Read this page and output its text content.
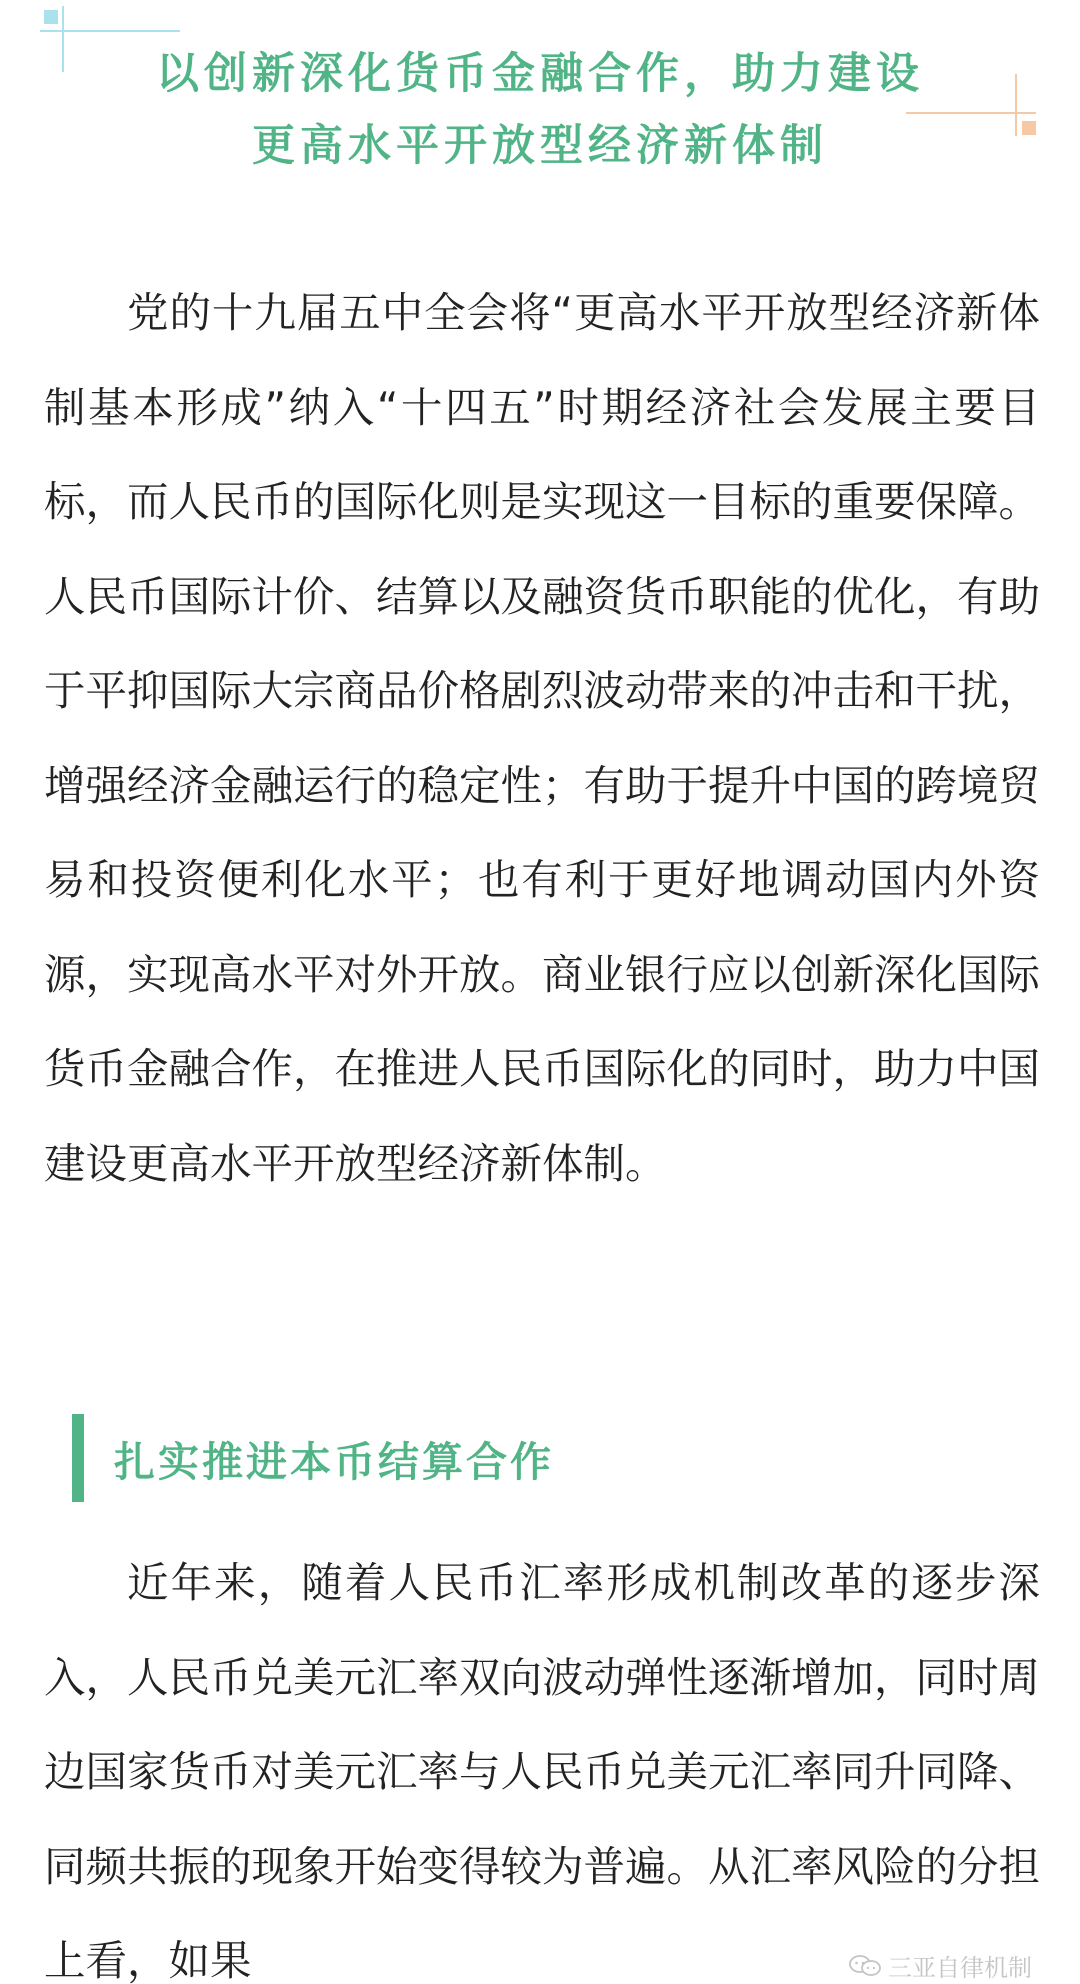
以创新深化货币金融合作，助力建设
更高水平开放型经济新体制

党的十九届五中全会将“更高水平开放型经济新体制基本形成”纳入“十四五”时期经济社会发展主要目标，而人民币的国际化则是实现这一目标的重要保障。人民币国际计价、结算以及融资货币职能的优化，有助于平抑国际大宗商品价格剧烈波动带来的冲击和干扰，增强经济金融运行的稳定性；有助于提升中国的跨境贸易和投资便利化水平；也有利于更好地调动国内外资源，实现高水平对外开放。商业银行应以创新深化国际货币金融合作，在推进人民币国际化的同时，助力中国建设更高水平开放型经济新体制。

扎实推进本币结算合作

近年来，随着人民币汇率形成机制改革的逐步深入，人民币兑美元汇率双向波动弹性逐渐增加，同时周边国家货币对美元汇率与人民币兑美元汇率同升同降、同频共振的现象开始变得较为普遍。从汇率风险的分担上看，如果	三亚自律机制
